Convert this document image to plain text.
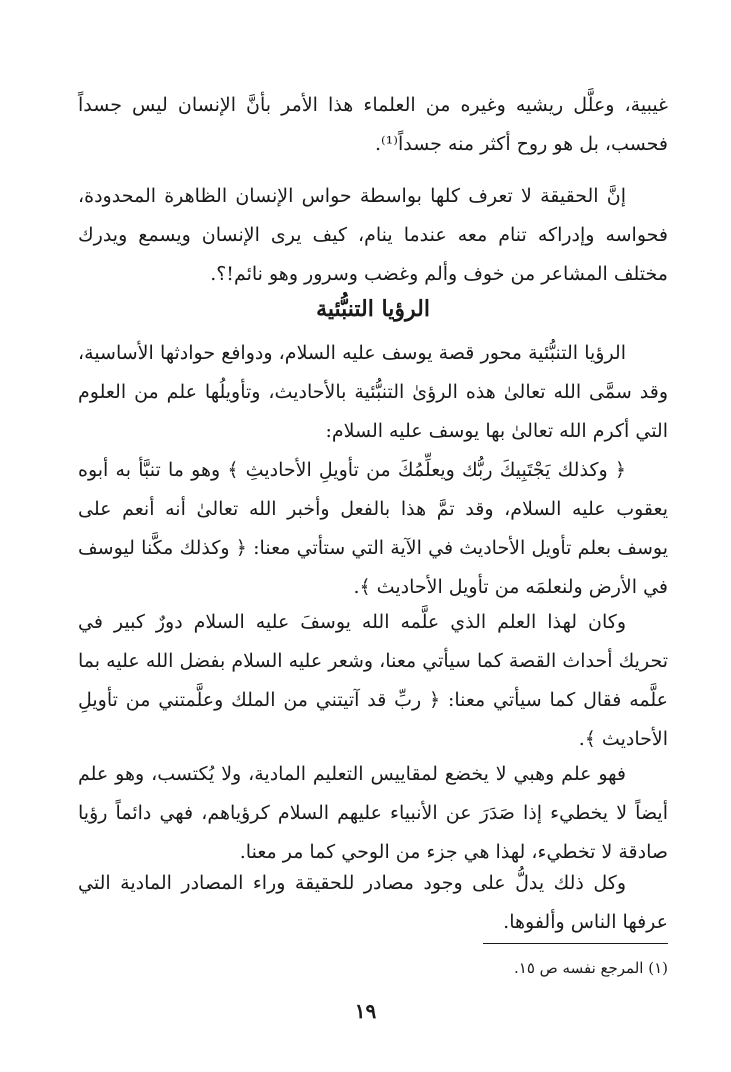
غيبية، وعلَّل ريشيه وغيره من العلماء هذا الأمر بأنَّ الإنسان ليس جسداً فحسب، بل هو روح أكثر منه جسداً⁽¹⁾.

إنَّ الحقيقة لا تعرف كلها بواسطة حواس الإنسان الظاهرة المحدودة، فحواسه وإدراكه تنام معه عندما ينام، كيف يرى الإنسان ويسمع ويدرك مختلف المشاعر من خوف وألم وغضب وسرور وهو نائم!؟.

الرؤيا التنبُّئية

الرؤيا التنبُّئية محور قصة يوسف عليه السلام، ودوافع حوادثها الأساسية، وقد سمَّى الله تعالىٰ هذه الرؤىٰ التنبُّئية بالأحاديث، وتأويلُها علم من العلوم التي أكرم الله تعالىٰ بها يوسف عليه السلام:

﴿ وكذلك يَجْتَبِيكَ ربُّك ويعلِّمُكَ من تأويلِ الأحاديثِ ﴾ وهو ما تنبَّأ به أبوه يعقوب عليه السلام، وقد تمَّ هذا بالفعل وأخبر الله تعالىٰ أنه أنعم على يوسف بعلم تأويل الأحاديث في الآية التي ستأتي معنا: ﴿ وكذلك مكَّنا ليوسف في الأرض ولنعلمَه من تأويل الأحاديث ﴾.

وكان لهذا العلم الذي علَّمه الله يوسفَ عليه السلام دورٌ كبير في تحريك أحداث القصة كما سيأتي معنا، وشعر عليه السلام بفضل الله عليه بما علَّمه فقال كما سيأتي معنا: ﴿ ربِّ قد آتيتني من الملك وعلَّمتني من تأويلِ الأحاديث ﴾.

فهو علم وهبي لا يخضع لمقاييس التعليم المادية، ولا يُكتسب، وهو علم أيضاً لا يخطيء إذا صَدَرَ عن الأنبياء عليهم السلام كرؤياهم، فهي دائماً رؤيا صادقة لا تخطيء، لهذا هي جزء من الوحي كما مر معنا.

وكل ذلك يدلُّ على وجود مصادر للحقيقة وراء المصادر المادية التي عرفها الناس وألفوها.

(١) المرجع نفسه ص ١٥.
١٩
